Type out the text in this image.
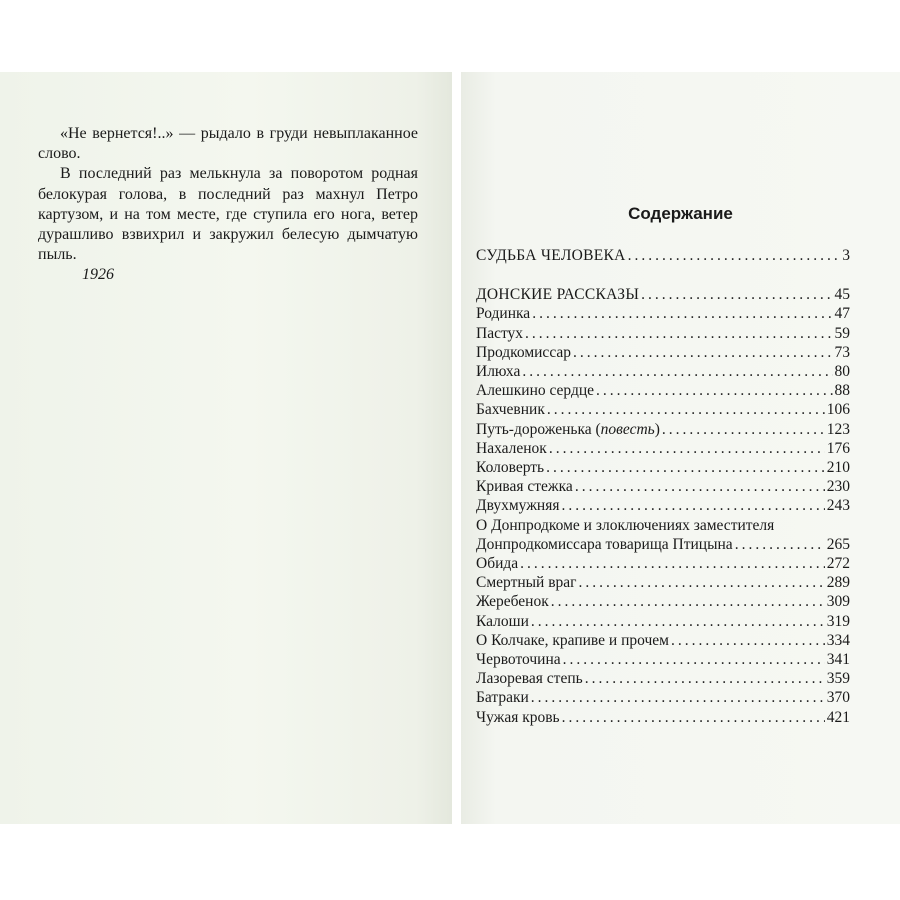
«Не вернется!..» — рыдало в груди невыплаканное слово.

В последний раз мелькнула за поворотом родная белокурая голова, в последний раз махнул Петро картузом, и на том месте, где ступила его нога, ветер дурашливо взвихрил и закружил белесую дымчатую пыль.

1926

Содержание
СУДЬБА ЧЕЛОВЕКА .....	3
ДОНСКИЕ РАССКАЗЫ .....	45
Родинка .....	47
Пастух .....	59
Продкомиссар .....	73
Илюха .....	80
Алешкино сердце .....	88
Бахчевник .....	106
Путь-дороженька (повесть) .....	123
Нахаленок .....	176
Коловерть .....	210
Кривая стежка .....	230
Двухмужняя .....	243
О Донпродкоме и злоключениях заместителя
Донпродкомиссара товарища Птицына .....	265
Обида .....	272
Смертный враг .....	289
Жеребенок .....	309
Калоши .....	319
О Колчаке, крапиве и прочем .....	334
Червоточина .....	341
Лазоревая степь .....	359
Батраки .....	370
Чужая кровь .....	421
